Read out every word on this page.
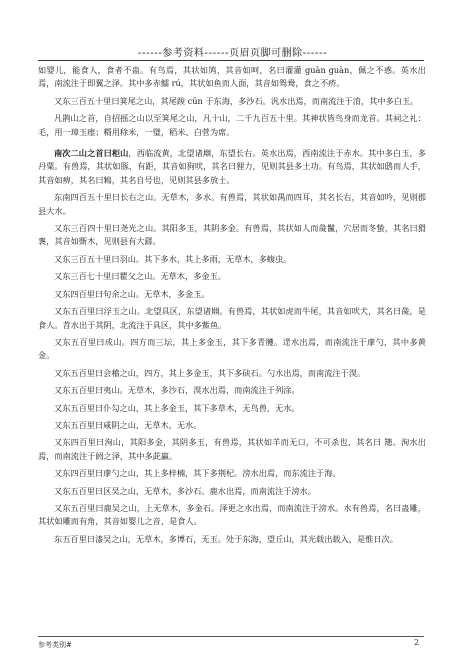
------参考资料------页眉页脚可删除------

如婴儿，能食人，食者不蛊。有鸟焉，其状如鸠，其音如呵，名曰灌灌 guàn guàn，佩之不惑。英水出焉，南流注于即翼之泽。其中多赤鱬 rú，其状如鱼而人面，其音如鸳鸯，食之不疥。

又东三百五十里曰箕尾之山，其尾踆 cūn 于东海，多沙石。汎水出焉，而南流注于淯，其中多白玉。

凡鹊山之首，自招摇之山以至箕尾之山，凡十山，二千九百五十里。其神状皆鸟身而龙首。其祠之礼：毛，用一璋玉瘗；糈用稌米，一璧，稻米、白菅为席。

南次二山之首曰柜山，西临流黄，北望诸𣶒，东望长右。英水出焉，西南流注于赤水。其中多白玉，多丹粟。有兽焉，其状如豚，有距，其音如狗吠，其名曰狸力，见则其县多土功。有鸟焉，其状如鸱而人手，其音如痹，其名曰鴸，其名自号也，见则其县多放士。

东南四百五十里曰长右之山。无草木，多水。有兽焉，其状如禺而四耳，其名长右，其音如吟，见则郡县大水。

又东三百四十里曰尧光之山。其阳多玉，其阴多金。有兽焉，其状如人而彘鬣，穴居而冬蛰，其名曰猾褢，其音如斲木，见则县有大繇。

又东三百五十里曰羽山。其下多水，其上多雨，无草木，多蝮虫。

又东三百七十里曰瞿父之山。无草木，多金玉。

又东四百里曰句余之山。无草木，多金玉。

又东五百里曰浮玉之山。北望具区，东望诸𣶒。有兽焉，其状如虎而牛尾，其音如吠犬，其名曰彘，是食人。苕水出于其阴，北流注于具区，其中多鮆鱼。

又东五百里曰成山。四方而三坛，其上多金玉，其下多青雘。𨖐水出焉，而南流注于虖勺，其中多黄金。

又东五百里曰会稽之山，四方，其上多金玉，其下多砆石。勺水出焉，而南流注于湨。

又东五百里曰夷山。无草木，多沙石，湨水出焉，而南流注于列涂。

又东五百里曰仆勾之山，其上多金玉，其下多草木，无鸟兽，无水。

又东五百里曰咸阴之山，无草木，无水。

又东四百里曰洵山，其阳多金，其阴多玉，有兽焉，其状如羊而无口，不可杀也，其名曰 䍺。洵水出焉，而南流注于阏之泽，其中多茈蠃。

又东四百里曰虖勺之山，其上多梓楠，其下多荆杞。滂水出焉，而东流注于海。

又东五百里曰区吴之山，无草木，多沙石。鹿水出焉，而南流注于滂水。

又东五百里曰鹿吴之山，上无草木，多金石。泽更之水出焉，而南流注于滂水。水有兽焉，名曰蛊雕，其状如雕而有角，其音如婴儿之音，是食人。

东五百里曰漆吴之山，无草木，多博石，无玉。处于东海，望丘山，其光载出载入，是惟日次。

参考类别#	2
